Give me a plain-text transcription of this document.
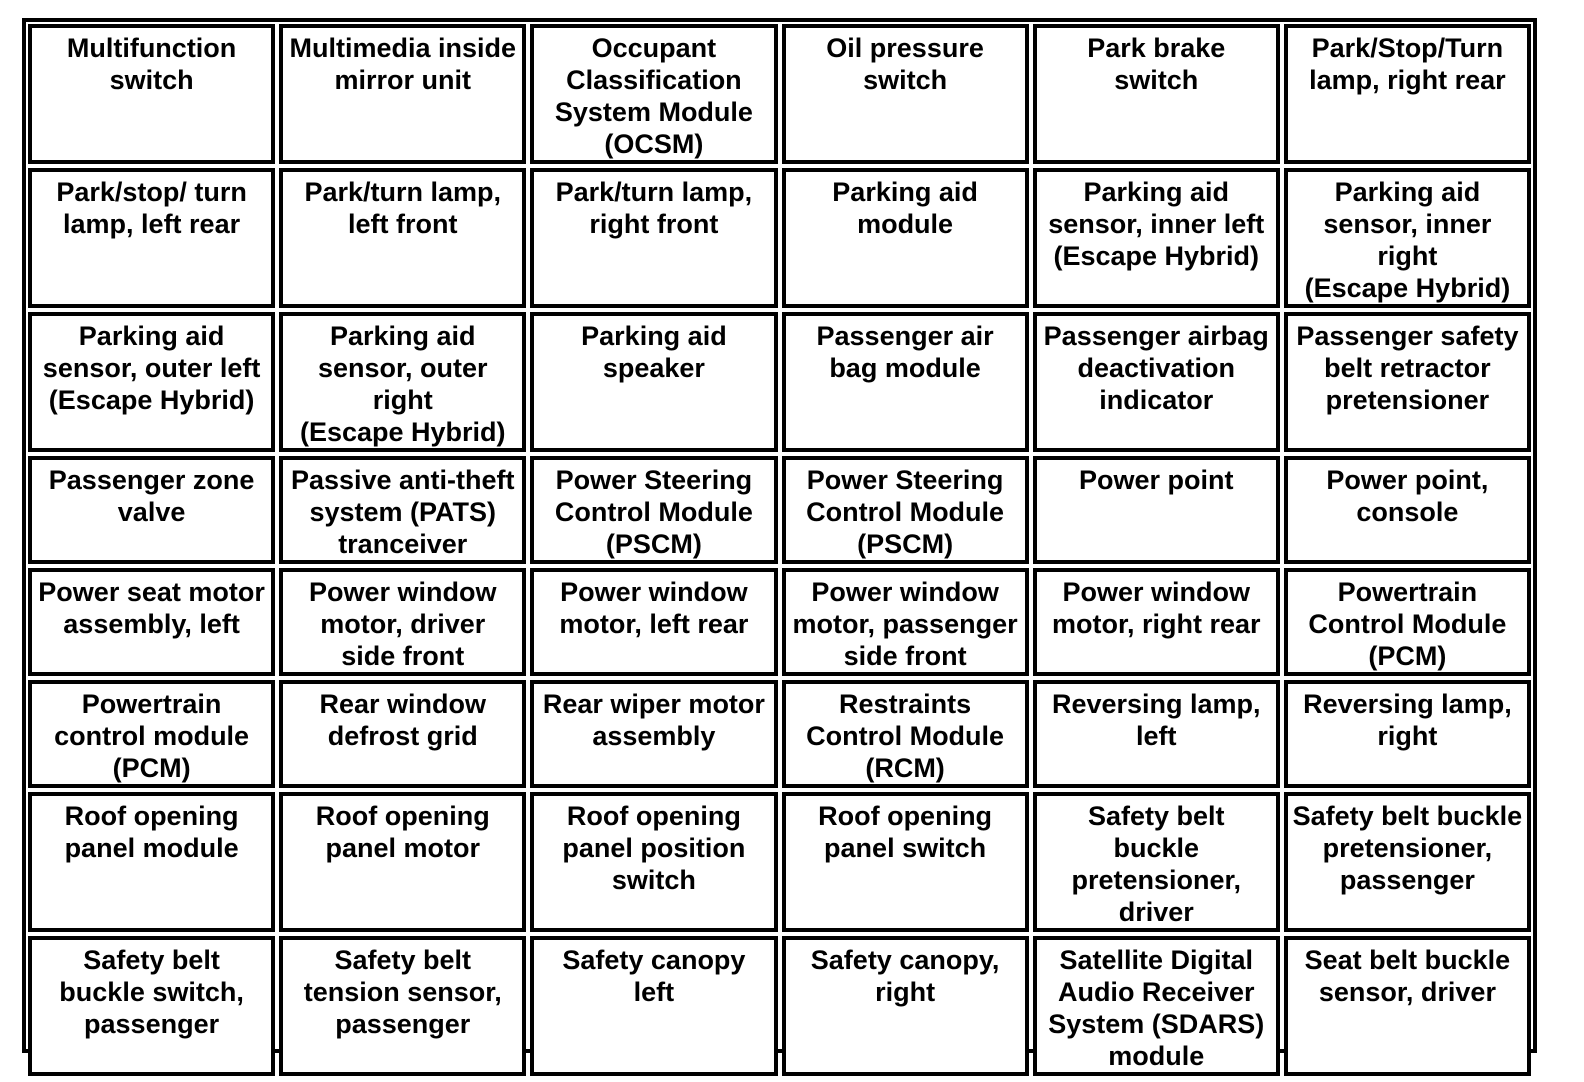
Multifunction
switch
Multimedia inside
mirror unit
Occupant
Classification
System Module
(OCSM)
Oil pressure
switch
Park brake
switch
Park/Stop/Turn
lamp, right rear
Park/stop/ turn
lamp, left rear
Park/turn lamp,
left front
Park/turn lamp,
right front
Parking aid
module
Parking aid
sensor, inner left
(Escape Hybrid)
Parking aid
sensor, inner right
(Escape Hybrid)
Parking aid
sensor, outer left
(Escape Hybrid)
Parking aid
sensor, outer
right
(Escape Hybrid)
Parking aid
speaker
Passenger air
bag module
Passenger airbag
deactivation
indicator
Passenger safety
belt retractor
pretensioner
Passenger zone
valve
Passive anti-theft
system (PATS)
tranceiver
Power Steering
Control Module
(PSCM)
Power Steering
Control Module
(PSCM)
Power point	Power point,
console
Power seat motor
assembly, left
Power window
motor, driver
side front
Power window
motor, left rear
Power window
motor, passenger
side front
Power window
motor, right rear
Powertrain
Control Module
(PCM)
Powertrain
control module
(PCM)
Rear window
defrost grid
Rear wiper motor
assembly
Restraints
Control Module
(RCM)
Reversing lamp,
left
Reversing lamp,
right
Roof opening
panel module
Roof opening
panel motor
Roof opening
panel position
switch
Roof opening
panel switch
Safety belt
buckle
pretensioner,
driver
Safety belt buckle
pretensioner,
passenger
Safety belt
buckle switch,
passenger
Safety belt
tension sensor,
passenger
Safety canopy
left
Safety canopy,
right
Satellite Digital
Audio Receiver
System (SDARS)
module
Seat belt buckle
sensor, driver
